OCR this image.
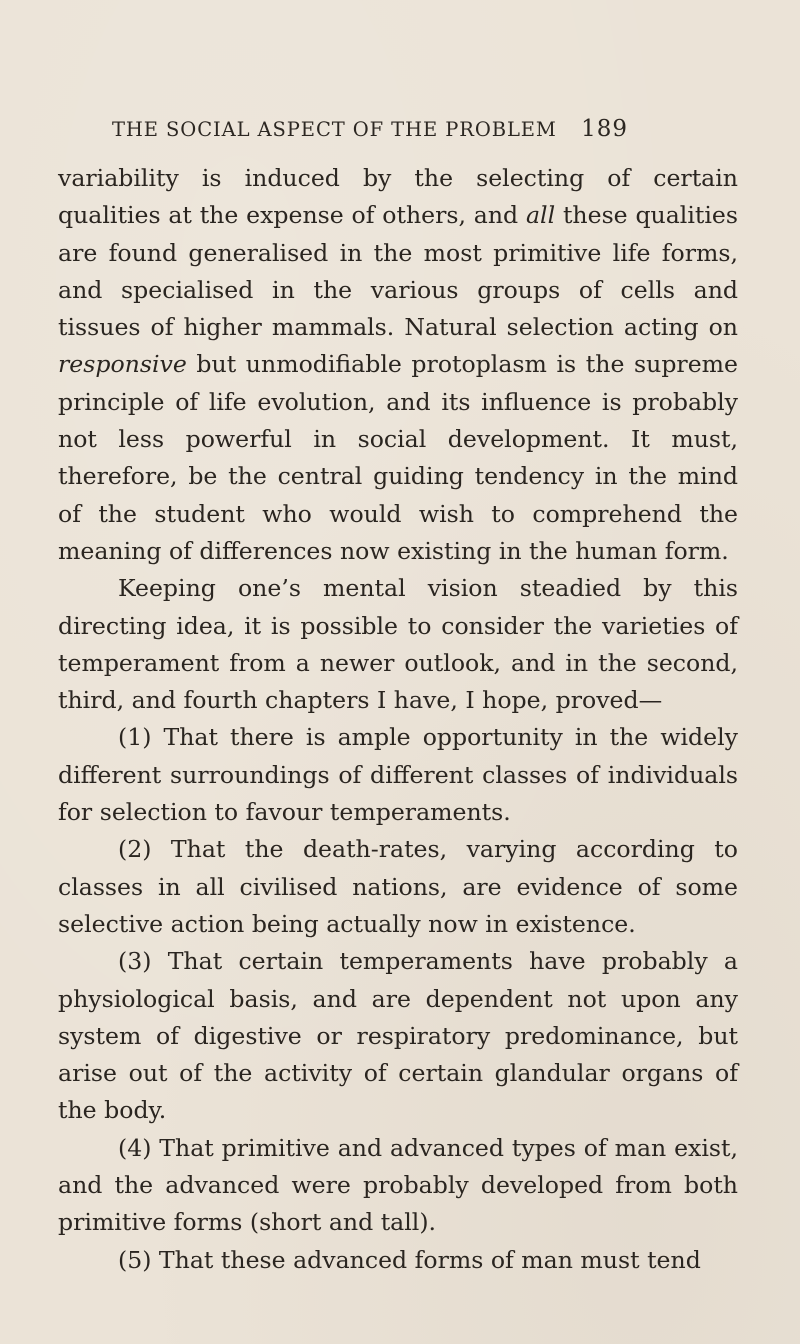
THE SOCIAL ASPECT OF THE PROBLEM 189

variability is induced by the selecting of certain qualities at the expense of others, and all these qualities are found generalised in the most primitive life forms, and specialised in the various groups of cells and tissues of higher mammals. Natural selection acting on responsive but unmodifiable protoplasm is the supreme principle of life evolution, and its influence is probably not less powerful in social development. It must, therefore, be the central guiding tendency in the mind of the student who would wish to comprehend the meaning of differences now existing in the human form.

Keeping one’s mental vision steadied by this directing idea, it is possible to consider the varieties of temperament from a newer outlook, and in the second, third, and fourth chapters I have, I hope, proved—

(1) That there is ample opportunity in the widely different surroundings of different classes of individuals for selection to favour temperaments.

(2) That the death-rates, varying according to classes in all civilised nations, are evidence of some selective action being actually now in existence.

(3) That certain temperaments have probably a physiological basis, and are dependent not upon any system of digestive or respiratory predominance, but arise out of the activity of certain glandular organs of the body.

(4) That primitive and advanced types of man exist, and the advanced were probably developed from both primitive forms (short and tall).

(5) That these advanced forms of man must tend
